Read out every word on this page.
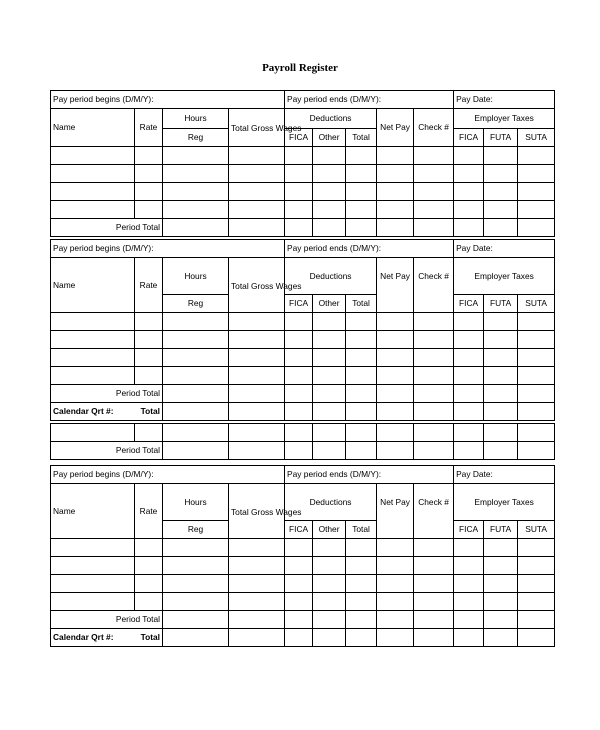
Payroll Register
Pay period begins (D/M/Y):				Pay period ends (D/M/Y):					Pay Date:		
Name	Rate	Hours	Total Gross Wages	Deductions			Net Pay	Check #	Employer Taxes		
		Reg		FICA	Other	Total			FICA	FUTA	SUTA

Period Total											
Pay period begins (D/M/Y):				Pay period ends (D/M/Y):					Pay Date:		
Name	Rate	Hours	Total Gross Wages	Deductions			Net Pay	Check #	Employer Taxes		
		Reg		FICA	Other	Total			FICA	FUTA	SUTA

Period Total											
Calendar Qrt #: Total											

Period Total											
Pay period begins (D/M/Y):				Pay period ends (D/M/Y):					Pay Date:		
Name	Rate	Hours	Total Gross Wages	Deductions			Net Pay	Check #	Employer Taxes		
		Reg		FICA	Other	Total			FICA	FUTA	SUTA

Period Total											
Calendar Qrt #: Total											
